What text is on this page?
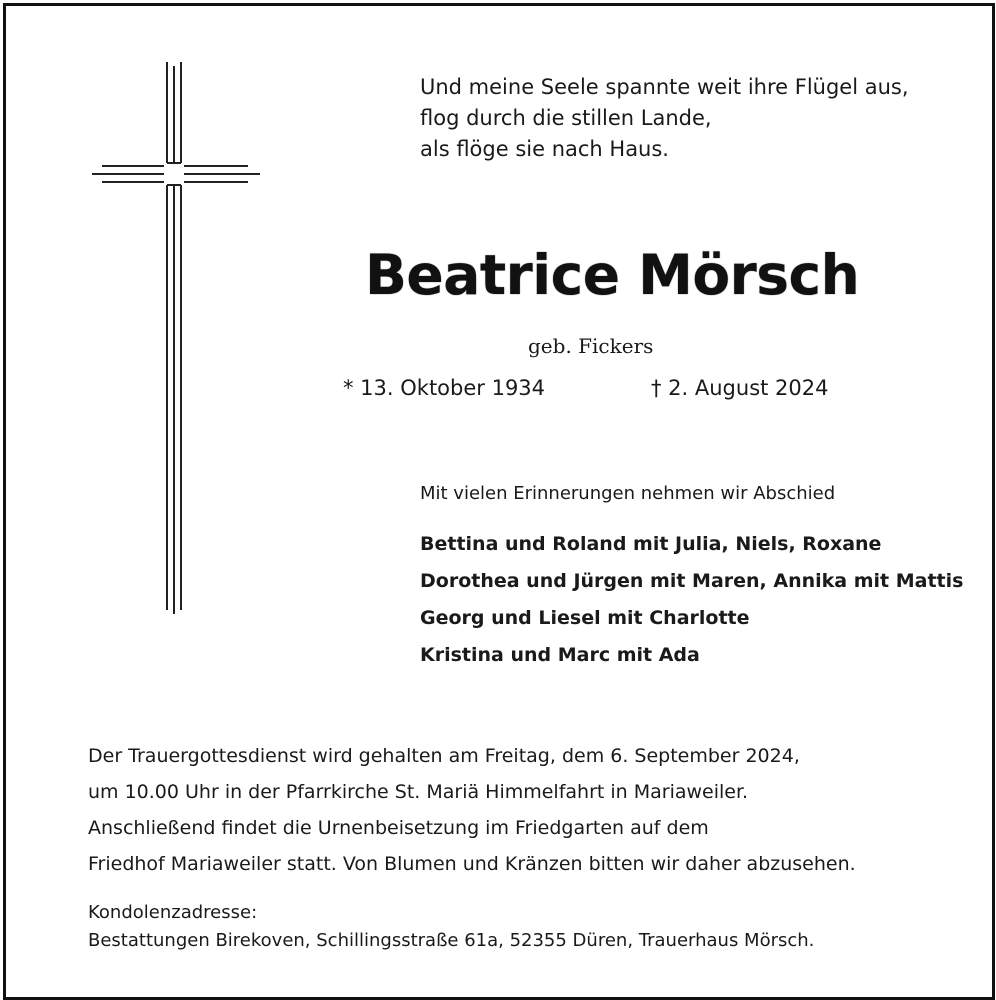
Und meine Seele spannte weit ihre Flügel aus,
flog durch die stillen Lande,
als flöge sie nach Haus.
Beatrice Mörsch
geb. Fickers
* 13. Oktober 1934	† 2. August 2024
Mit vielen Erinnerungen nehmen wir Abschied
Bettina und Roland mit Julia, Niels, Roxane
Dorothea und Jürgen mit Maren, Annika mit Mattis
Georg und Liesel mit Charlotte
Kristina und Marc mit Ada
Der Trauergottesdienst wird gehalten am Freitag, dem 6. September 2024,
um 10.00 Uhr in der Pfarrkirche St. Mariä Himmelfahrt in Mariaweiler.
Anschließend findet die Urnenbeisetzung im Friedgarten auf dem
Friedhof Mariaweiler statt. Von Blumen und Kränzen bitten wir daher abzusehen.
Kondolenzadresse:
Bestattungen Birekoven, Schillingsstraße 61a, 52355 Düren, Trauerhaus Mörsch.
